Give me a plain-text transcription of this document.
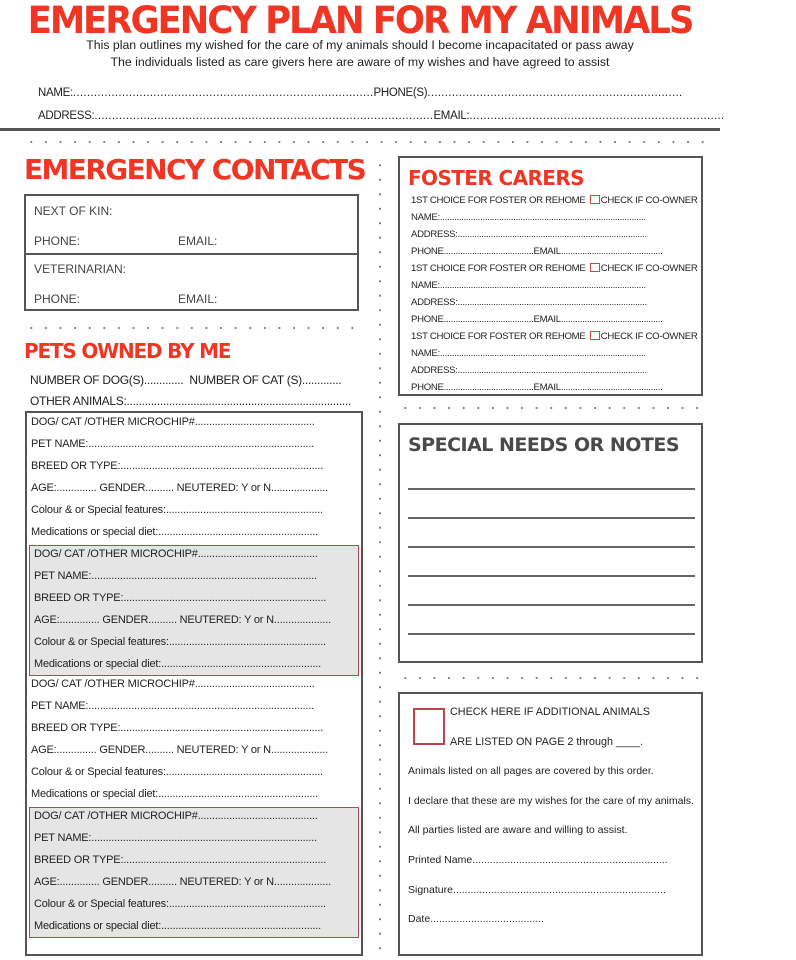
EMERGENCY PLAN FOR MY ANIMALS
This plan outlines my wished for the care of my animals should I become incapacitated or pass away
The individuals listed as care givers here are aware of my wishes and have agreed to assist
NAME:......................................................................................PHONE(S).........................................................................
ADDRESS:.................................................................................................EMAIL:.........................................................................
EMERGENCY CONTACTS
NEXT OF KIN:
PHONE:	EMAIL:
VETERINARIAN:
PHONE:	EMAIL:
PETS OWNED BY ME
NUMBER OF DOG(S)............. NUMBER OF CAT (S).............
OTHER ANIMALS:..........................................................................
DOG/ CAT /OTHER MICROCHIP#..........................................
PET NAME:...............................................................................
BREED OR TYPE:.......................................................................
AGE:.............. GENDER.......... NEUTERED: Y or N....................
Colour & or Special features:.......................................................
Medications or special diet:........................................................
DOG/ CAT /OTHER MICROCHIP#..........................................
PET NAME:...............................................................................
BREED OR TYPE:.......................................................................
AGE:.............. GENDER.......... NEUTERED: Y or N....................
Colour & or Special features:.......................................................
Medications or special diet:........................................................
DOG/ CAT /OTHER MICROCHIP#..........................................
PET NAME:...............................................................................
BREED OR TYPE:.......................................................................
AGE:.............. GENDER.......... NEUTERED: Y or N....................
Colour & or Special features:.......................................................
Medications or special diet:........................................................
DOG/ CAT /OTHER MICROCHIP#..........................................
PET NAME:...............................................................................
BREED OR TYPE:.......................................................................
AGE:.............. GENDER.......... NEUTERED: Y or N....................
Colour & or Special features:.......................................................
Medications or special diet:........................................................
FOSTER CARERS
1ST CHOICE FOR FOSTER OR REHOME CHECK IF CO-OWNER
NAME:.......................................................................................
ADDRESS:................................................................................
PHONE......................................EMAIL...........................................
1ST CHOICE FOR FOSTER OR REHOME CHECK IF CO-OWNER
NAME:.......................................................................................
ADDRESS:................................................................................
PHONE......................................EMAIL...........................................
1ST CHOICE FOR FOSTER OR REHOME CHECK IF CO-OWNER
NAME:.......................................................................................
ADDRESS:................................................................................
PHONE......................................EMAIL...........................................
SPECIAL NEEDS OR NOTES
CHECK HERE IF ADDITIONAL ANIMALS
ARE LISTED ON PAGE 2 through ____.
Animals listed on all pages are covered by this order.
I declare that these are my wishes for the care of my animals.
All parties listed are aware and willing to assist.
Printed Name...................................................................
Signature.........................................................................
Date.......................................
